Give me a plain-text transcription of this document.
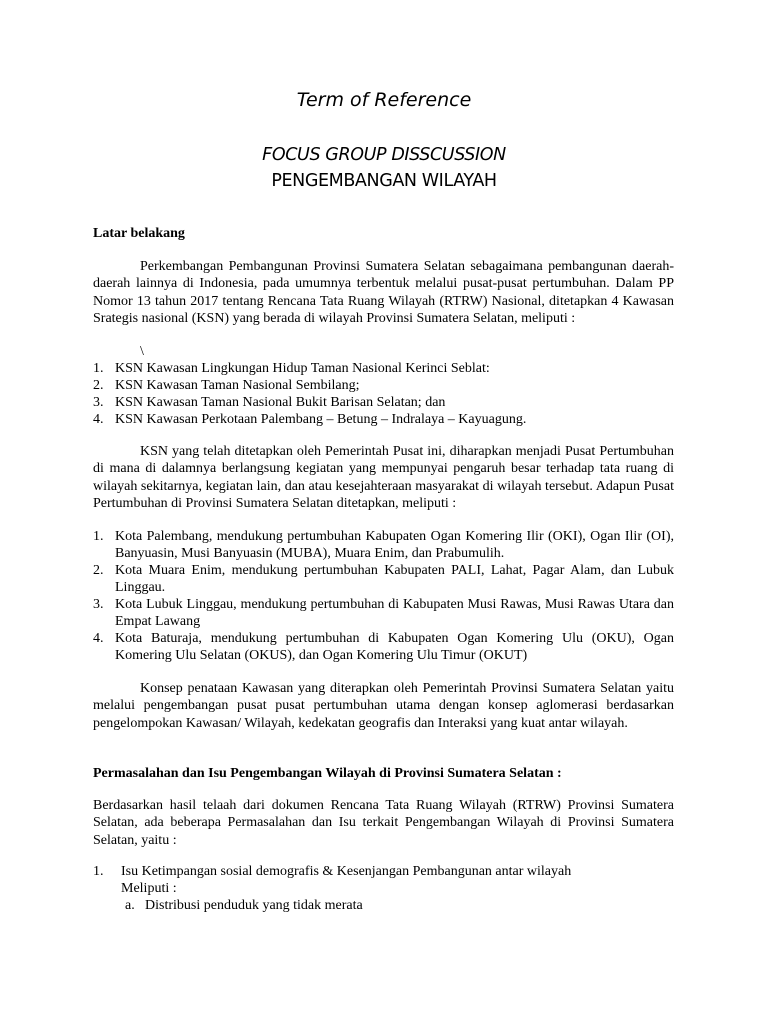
Term of Reference
FOCUS GROUP DISSCUSSION
PENGEMBANGAN WILAYAH
Latar belakang
Perkembangan Pembangunan Provinsi Sumatera Selatan sebagaimana pembangunan daerah-daerah lainnya di Indonesia, pada umumnya terbentuk melalui pusat-pusat pertumbuhan. Dalam PP Nomor 13 tahun 2017 tentang Rencana Tata Ruang Wilayah (RTRW) Nasional, ditetapkan 4 Kawasan Srategis nasional (KSN) yang berada di wilayah Provinsi Sumatera Selatan, meliputi :
\
1. KSN Kawasan Lingkungan Hidup Taman Nasional Kerinci Seblat:
2. KSN Kawasan Taman Nasional Sembilang;
3. KSN Kawasan Taman Nasional Bukit Barisan Selatan; dan
4. KSN Kawasan Perkotaan Palembang – Betung – Indralaya – Kayuagung.
KSN yang telah ditetapkan oleh Pemerintah Pusat ini, diharapkan menjadi Pusat Pertumbuhan di mana di dalamnya berlangsung kegiatan yang mempunyai pengaruh besar terhadap tata ruang di wilayah sekitarnya, kegiatan lain, dan atau kesejahteraan masyarakat di wilayah tersebut. Adapun Pusat Pertumbuhan di Provinsi Sumatera Selatan ditetapkan, meliputi :
1. Kota Palembang, mendukung pertumbuhan Kabupaten Ogan Komering Ilir (OKI), Ogan Ilir (OI), Banyuasin, Musi Banyuasin (MUBA), Muara Enim, dan Prabumulih.
2. Kota Muara Enim, mendukung pertumbuhan Kabupaten PALI, Lahat, Pagar Alam, dan Lubuk Linggau.
3. Kota Lubuk Linggau, mendukung pertumbuhan di Kabupaten Musi Rawas, Musi Rawas Utara dan Empat Lawang
4. Kota Baturaja, mendukung pertumbuhan di Kabupaten Ogan Komering Ulu (OKU), Ogan Komering Ulu Selatan (OKUS), dan Ogan Komering Ulu Timur (OKUT)
Konsep penataan Kawasan yang diterapkan oleh Pemerintah Provinsi Sumatera Selatan yaitu melalui pengembangan pusat pusat pertumbuhan utama dengan konsep aglomerasi berdasarkan pengelompokan Kawasan/ Wilayah, kedekatan geografis dan Interaksi yang kuat antar wilayah.
Permasalahan dan Isu Pengembangan Wilayah di Provinsi Sumatera Selatan :
Berdasarkan hasil telaah dari dokumen Rencana Tata Ruang Wilayah (RTRW) Provinsi Sumatera Selatan, ada beberapa Permasalahan dan Isu terkait Pengembangan Wilayah di Provinsi Sumatera Selatan, yaitu :
1. Isu Ketimpangan sosial demografis & Kesenjangan Pembangunan antar wilayah
Meliputi :
a. Distribusi penduduk yang tidak merata
